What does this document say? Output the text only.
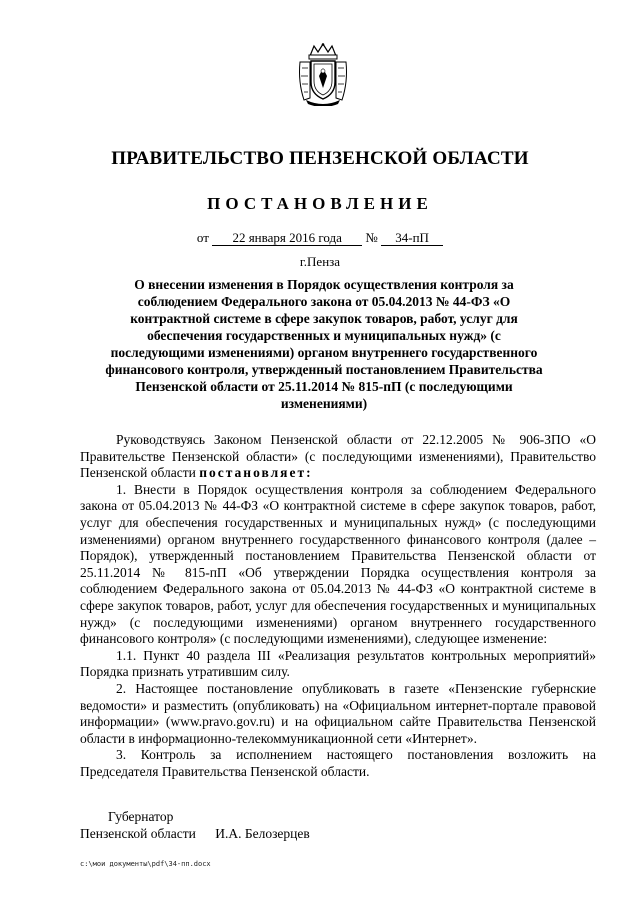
ПРАВИТЕЛЬСТВО ПЕНЗЕНСКОЙ ОБЛАСТИ
ПОСТАНОВЛЕНИЕ
от 22 января 2016 года № 34-пП
г.Пенза
О внесении изменения в Порядок осуществления контроля за соблюдением Федерального закона от 05.04.2013 № 44-ФЗ «О контрактной системе в сфере закупок товаров, работ, услуг для обеспечения государственных и муниципальных нужд» (с последующими изменениями) органом внутреннего государственного финансового контроля, утвержденный постановлением Правительства Пензенской области от 25.11.2014 № 815-пП (с последующими изменениями)

Руководствуясь Законом Пензенской области от 22.12.2005 № 906-ЗПО «О Правительстве Пензенской области» (с последующими изменениями), Правительство Пензенской области постановляет:

1. Внести в Порядок осуществления контроля за соблюдением Федерального закона от 05.04.2013 № 44-ФЗ «О контрактной системе в сфере закупок товаров, работ, услуг для обеспечения государственных и муниципальных нужд» (с последующими изменениями) органом внутреннего государственного финансового контроля (далее – Порядок), утвержденный постановлением Правительства Пензенской области от 25.11.2014 № 815-пП «Об утверждении Порядка осуществления контроля за соблюдением Федерального закона от 05.04.2013 № 44-ФЗ «О контрактной системе в сфере закупок товаров, работ, услуг для обеспечения государственных и муниципальных нужд» (с последующими изменениями) органом внутреннего государственного финансового контроля» (с последующими изменениями), следующее изменение:

1.1. Пункт 40 раздела III «Реализация результатов контрольных мероприятий» Порядка признать утратившим силу.

2. Настоящее постановление опубликовать в газете «Пензенские губернские ведомости» и разместить (опубликовать) на «Официальном интернет-портале правовой информации» (www.pravo.gov.ru) и на официальном сайте Правительства Пензенской области в информационно-телекоммуникационной сети «Интернет».

3. Контроль за исполнением настоящего постановления возложить на Председателя Правительства Пензенской области.

Губернатор
Пензенской области И.А. Белозерцев
c:\мои документы\pdf\34-пп.docx
